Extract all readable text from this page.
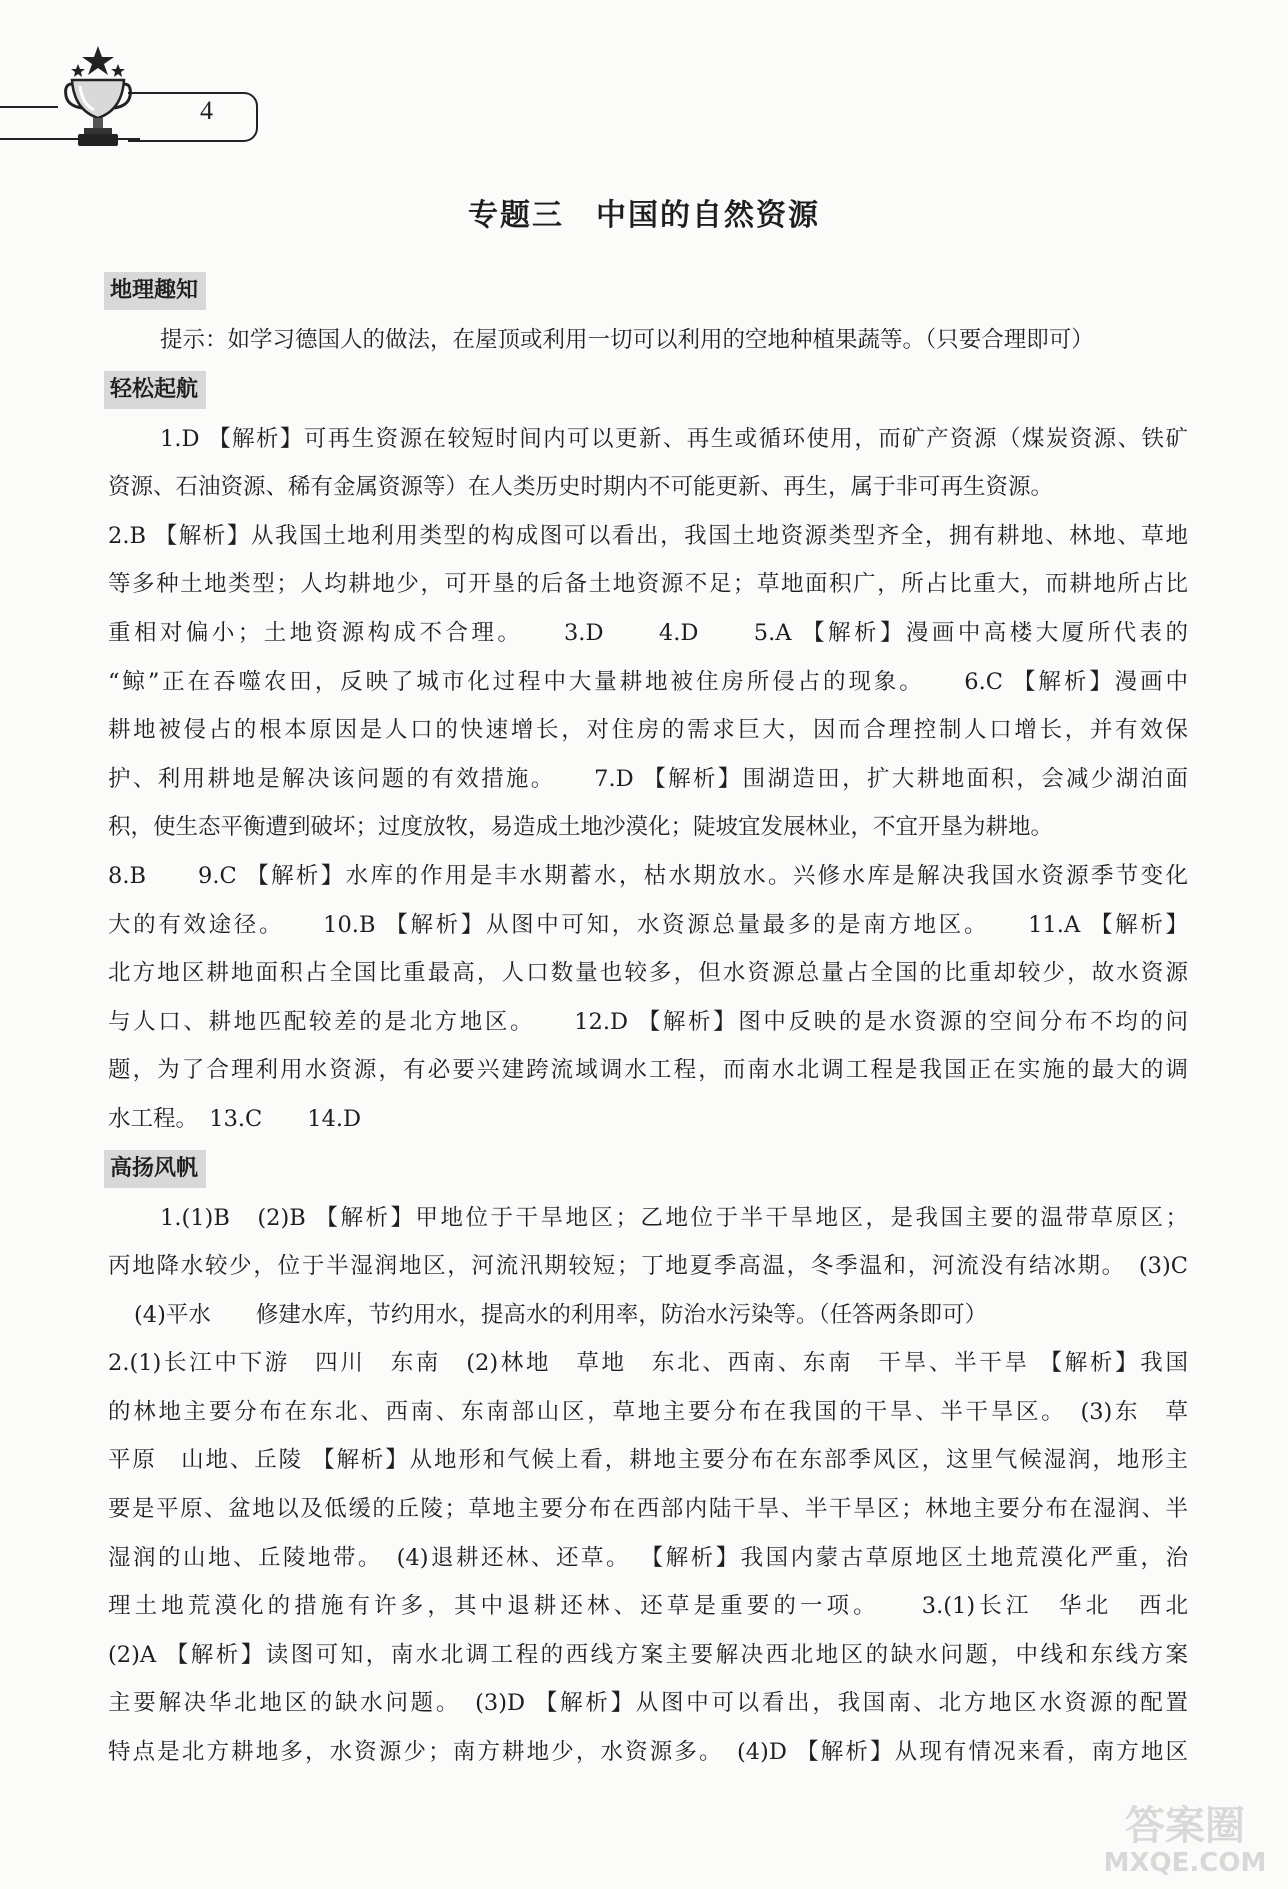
4
专题三　中国的自然资源
地理趣知

提示：如学习德国人的做法，在屋顶或利用一切可以利用的空地种植果蔬等。（只要合理即可）

轻松起航

1.D 【解析】可再生资源在较短时间内可以更新、再生或循环使用，而矿产资源（煤炭资源、铁矿

资源、石油资源、稀有金属资源等）在人类历史时期内不可能更新、再生，属于非可再生资源。

2.B 【解析】从我国土地利用类型的构成图可以看出，我国土地资源类型齐全，拥有耕地、林地、草地

等多种土地类型；人均耕地少，可开垦的后备土地资源不足；草地面积广，所占比重大，而耕地所占比

重相对偏小；土地资源构成不合理。　　3.D　　4.D　　5.A 【解析】漫画中高楼大厦所代表的

“鲸”正在吞噬农田，反映了城市化过程中大量耕地被住房所侵占的现象。　　6.C 【解析】漫画中

耕地被侵占的根本原因是人口的快速增长，对住房的需求巨大，因而合理控制人口增长，并有效保

护、利用耕地是解决该问题的有效措施。　　7.D 【解析】围湖造田，扩大耕地面积，会减少湖泊面

积，使生态平衡遭到破坏；过度放牧，易造成土地沙漠化；陡坡宜发展林业，不宜开垦为耕地。

8.B　　9.C 【解析】水库的作用是丰水期蓄水，枯水期放水。兴修水库是解决我国水资源季节变化

大的有效途径。　　10.B 【解析】从图中可知，水资源总量最多的是南方地区。　　11.A 【解析】

北方地区耕地面积占全国比重最高，人口数量也较多，但水资源总量占全国的比重却较少，故水资源

与人口、耕地匹配较差的是北方地区。　　12.D 【解析】图中反映的是水资源的空间分布不均的问

题，为了合理利用水资源，有必要兴建跨流域调水工程，而南水北调工程是我国正在实施的最大的调

水工程。　13.C　　14.D

高扬风帆

1.(1)B　(2)B 【解析】甲地位于干旱地区；乙地位于半干旱地区，是我国主要的温带草原区；

丙地降水较少，位于半湿润地区，河流汛期较短；丁地夏季高温，冬季温和，河流没有结冰期。　(3)C

(4)平水　　修建水库，节约用水，提高水的利用率，防治水污染等。（任答两条即可）

2.(1)长江中下游　四川　东南　(2)林地　草地　东北、西南、东南　干旱、半干旱 【解析】我国

的林地主要分布在东北、西南、东南部山区，草地主要分布在我国的干旱、半干旱区。　(3)东　草

平原　山地、丘陵 【解析】从地形和气候上看，耕地主要分布在东部季风区，这里气候湿润，地形主

要是平原、盆地以及低缓的丘陵；草地主要分布在西部内陆干旱、半干旱区；林地主要分布在湿润、半

湿润的山地、丘陵地带。　(4)退耕还林、还草。 【解析】我国内蒙古草原地区土地荒漠化严重，治

理土地荒漠化的措施有许多，其中退耕还林、还草是重要的一项。　　3.(1)长江　华北　西北

(2)A 【解析】读图可知，南水北调工程的西线方案主要解决西北地区的缺水问题，中线和东线方案

主要解决华北地区的缺水问题。　(3)D 【解析】从图中可以看出，我国南、北方地区水资源的配置

特点是北方耕地多，水资源少；南方耕地少，水资源多。　(4)D 【解析】从现有情况来看，南方地区

答案圈
MXQE.COM
